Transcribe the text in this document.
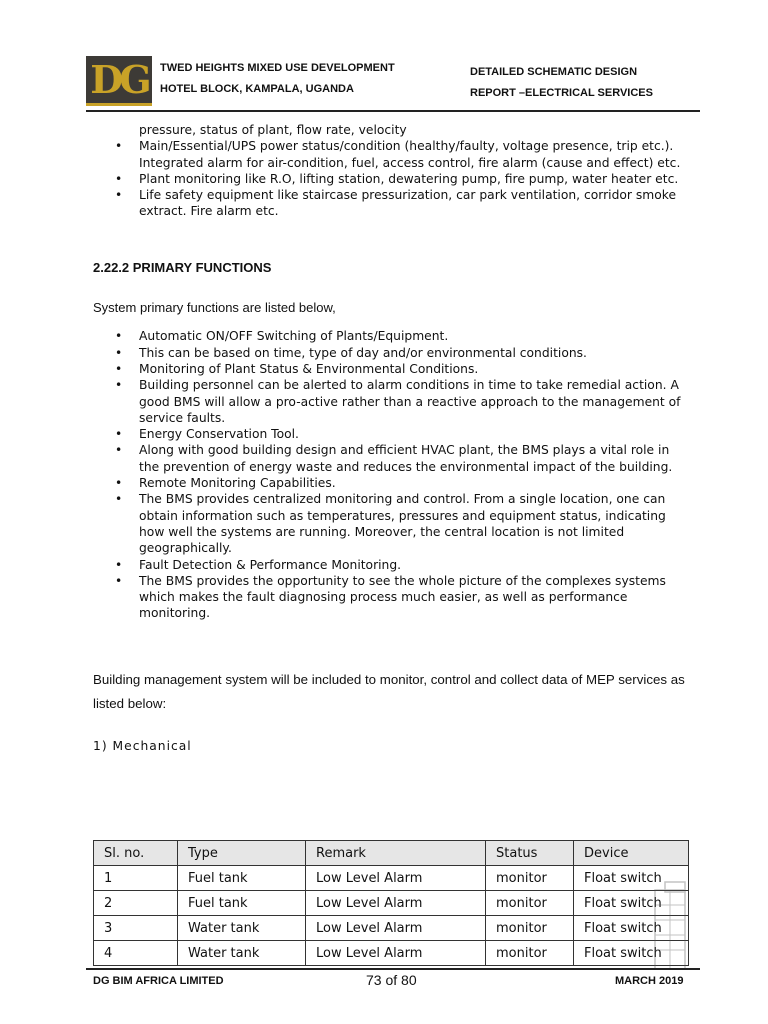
DG	TWED HEIGHTS MIXED USE DEVELOPMENT
HOTEL BLOCK, KAMPALA, UGANDA
DETAILED SCHEMATIC DESIGN
REPORT –ELECTRICAL SERVICES
pressure, status of plant, flow rate, velocity
• Main/Essential/UPS power status/condition (healthy/faulty, voltage presence, trip etc.). Integrated alarm for air-condition, fuel, access control, fire alarm (cause and effect) etc.
• Plant monitoring like R.O, lifting station, dewatering pump, fire pump, water heater etc.
• Life safety equipment like staircase pressurization, car park ventilation, corridor smoke extract. Fire alarm etc.
2.22.2 PRIMARY FUNCTIONS
System primary functions are listed below,
• Automatic ON/OFF Switching of Plants/Equipment.
• This can be based on time, type of day and/or environmental conditions.
• Monitoring of Plant Status & Environmental Conditions.
• Building personnel can be alerted to alarm conditions in time to take remedial action. A good BMS will allow a pro-active rather than a reactive approach to the management of service faults.
• Energy Conservation Tool.
• Along with good building design and efficient HVAC plant, the BMS plays a vital role in the prevention of energy waste and reduces the environmental impact of the building.
• Remote Monitoring Capabilities.
• The BMS provides centralized monitoring and control. From a single location, one can obtain information such as temperatures, pressures and equipment status, indicating how well the systems are running. Moreover, the central location is not limited geographically.
• Fault Detection & Performance Monitoring.
• The BMS provides the opportunity to see the whole picture of the complexes systems which makes the fault diagnosing process much easier, as well as performance monitoring.
Building management system will be included to monitor, control and collect data of MEP services as listed below:
1) Mechanical
Sl. no.	Type	Remark	Status	Device
1	Fuel tank	Low Level Alarm	monitor	Float switch
2	Fuel tank	Low Level Alarm	monitor	Float switch
3	Water tank	Low Level Alarm	monitor	Float switch
4	Water tank	Low Level Alarm	monitor	Float switch
DG BIM AFRICA LIMITED	73 of 80	MARCH 2019
